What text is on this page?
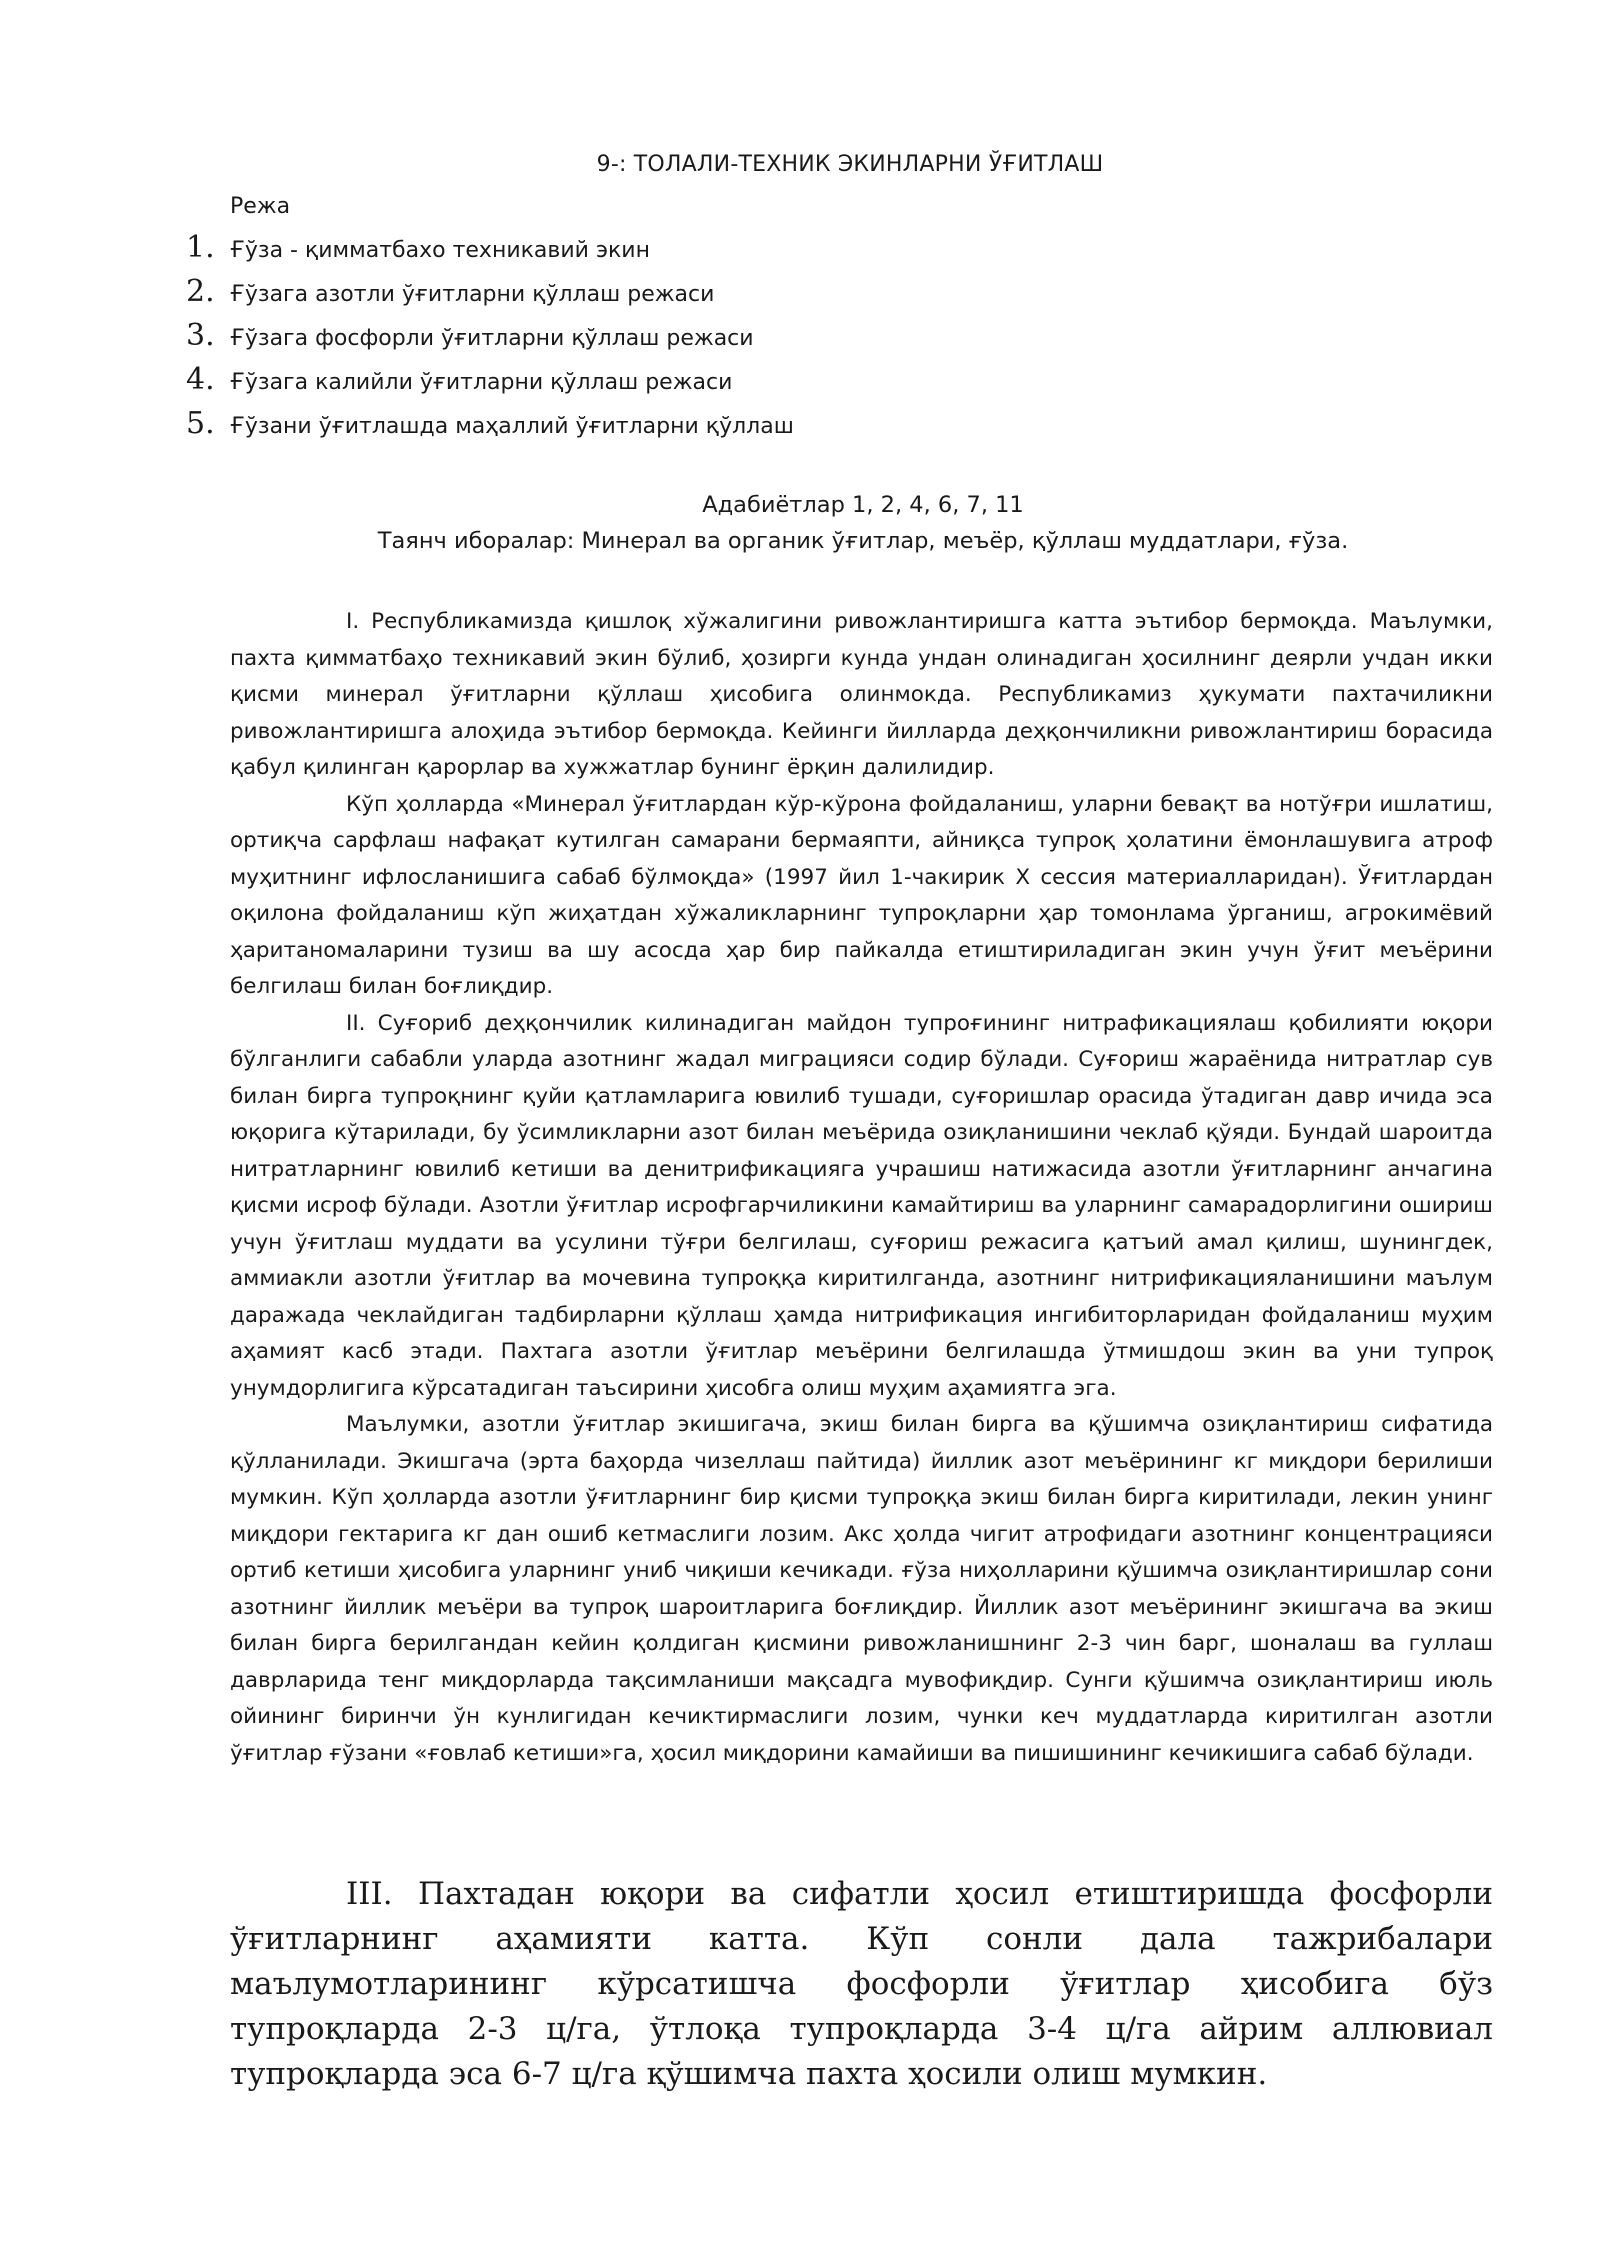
9-: ТОЛАЛИ-ТЕХНИК ЭКИНЛАРНИ ЎҒИТЛАШ
Режа
1. Ғўза - қимматбахо техникавий экин
2. Ғўзага азотли ўғитларни қўллаш режаси
3. Ғўзага фосфорли ўғитларни қўллаш режаси
4. Ғўзага калийли ўғитларни қўллаш режаси
5. Ғўзани ўғитлашда маҳаллий ўғитларни қўллаш
Адабиётлар 1, 2, 4, 6, 7, 11
Таянч иборалар: Минерал ва органик ўғитлар, меъёр, қўллаш муддатлари, ғўза.

I. Республикамизда қишлоқ хўжалигини ривожлантиришга катта эътибор бермоқда. Маълумки, пахта қимматбаҳо техникавий экин бўлиб, ҳозирги кунда ундан олинадиган ҳосилнинг деярли учдан икки қисми минерал ўғитларни қўллаш ҳисобига олинмокда. Республикамиз ҳукумати пахтачиликни ривожлантиришга алоҳида эътибор бермоқда. Кейинги йилларда деҳқончиликни ривожлантириш борасида қабул қилинган қарорлар ва хужжатлар бунинг ёрқин далилидир.

Кўп ҳолларда «Минерал ўғитлардан кўр-кўрона фойдаланиш, уларни бевақт ва нотўғри ишлатиш, ортиқча сарфлаш нафақат кутилган самарани бермаяпти, айниқса тупроқ ҳолатини ёмонлашувига атроф муҳитнинг ифлосланишига сабаб бўлмоқда» (1997 йил 1-чакирик X сессия материалларидан). Ўғитлардан оқилона фойдаланиш кўп жиҳатдан хўжаликларнинг тупроқларни ҳар томонлама ўрганиш, агрокимёвий ҳаританомаларини тузиш ва шу асосда ҳар бир пайкалда етиштириладиган экин учун ўғит меъёрини белгилаш билан боғлиқдир.

II. Суғориб деҳқончилик килинадиган майдон тупроғининг нитрафикациялаш қобилияти юқори бўлганлиги сабабли уларда азотнинг жадал миграцияси содир бўлади. Суғориш жараёнида нитратлар сув билан бирга тупроқнинг қуйи қатламларига ювилиб тушади, суғоришлар орасида ўтадиган давр ичида эса юқорига кўтарилади, бу ўсимликларни азот билан меъёрида озиқланишини чеклаб қўяди. Бундай шароитда нитратларнинг ювилиб кетиши ва денитрификацияга учрашиш натижасида азотли ўғитларнинг анчагина қисми исроф бўлади. Азотли ўғитлар исрофгарчиликини камайтириш ва уларнинг самарадорлигини ошириш учун ўғитлаш муддати ва усулини тўғри белгилаш, суғориш режасига қатъий амал қилиш, шунингдек, аммиакли азотли ўғитлар ва мочевина тупроққа киритилганда, азотнинг нитрификацияланишини маълум даражада чеклайдиган тадбирларни қўллаш ҳамда нитрификация ингибиторларидан фойдаланиш муҳим аҳамият касб этади. Пахтага азотли ўғитлар меъёрини белгилашда ўтмишдош экин ва уни тупроқ унумдорлигига кўрсатадиган таъсирини ҳисобга олиш муҳим аҳамиятга эга.

Маълумки, азотли ўғитлар экишигача, экиш билан бирга ва қўшимча озиқлантириш сифатида қўлланилади. Экишгача (эрта баҳорда чизеллаш пайтида) йиллик азот меъёрининг кг миқдори берилиши мумкин. Кўп ҳолларда азотли ўғитларнинг бир қисми тупроққа экиш билан бирга киритилади, лекин унинг миқдори гектарига кг дан ошиб кетмаслиги лозим. Акс ҳолда чигит атрофидаги азотнинг концентрацияси ортиб кетиши ҳисобига уларнинг униб чиқиши кечикади. ғўза ниҳолларини қўшимча озиқлантиришлар сони азотнинг йиллик меъёри ва тупроқ шароитларига боғлиқдир. Йиллик азот меъёрининг экишгача ва экиш билан бирга берилгандан кейин қолдиган қисмини ривожланишнинг 2-3 чин барг, шоналаш ва гуллаш даврларида тенг миқдорларда тақсимланиши мақсадга мувофиқдир. Сунги қўшимча озиқлантириш июль ойининг биринчи ўн кунлигидан кечиктирмаслиги лозим, чунки кеч муддатларда киритилган азотли ўғитлар ғўзани «ғовлаб кетиши»га, ҳосил миқдорини камайиши ва пишишининг кечикишига сабаб бўлади.

III. Пахтадан юқори ва сифатли ҳосил етиштиришда фосфорли ўғитларнинг аҳамияти катта. Кўп сонли дала тажрибалари маълумотларининг кўрсатишча фосфорли ўғитлар ҳисобига бўз тупроқларда 2-3 ц/га, ўтлоқа тупроқларда 3-4 ц/га айрим аллювиал тупроқларда эса 6-7 ц/га қўшимча пахта ҳосили олиш мумкин.
